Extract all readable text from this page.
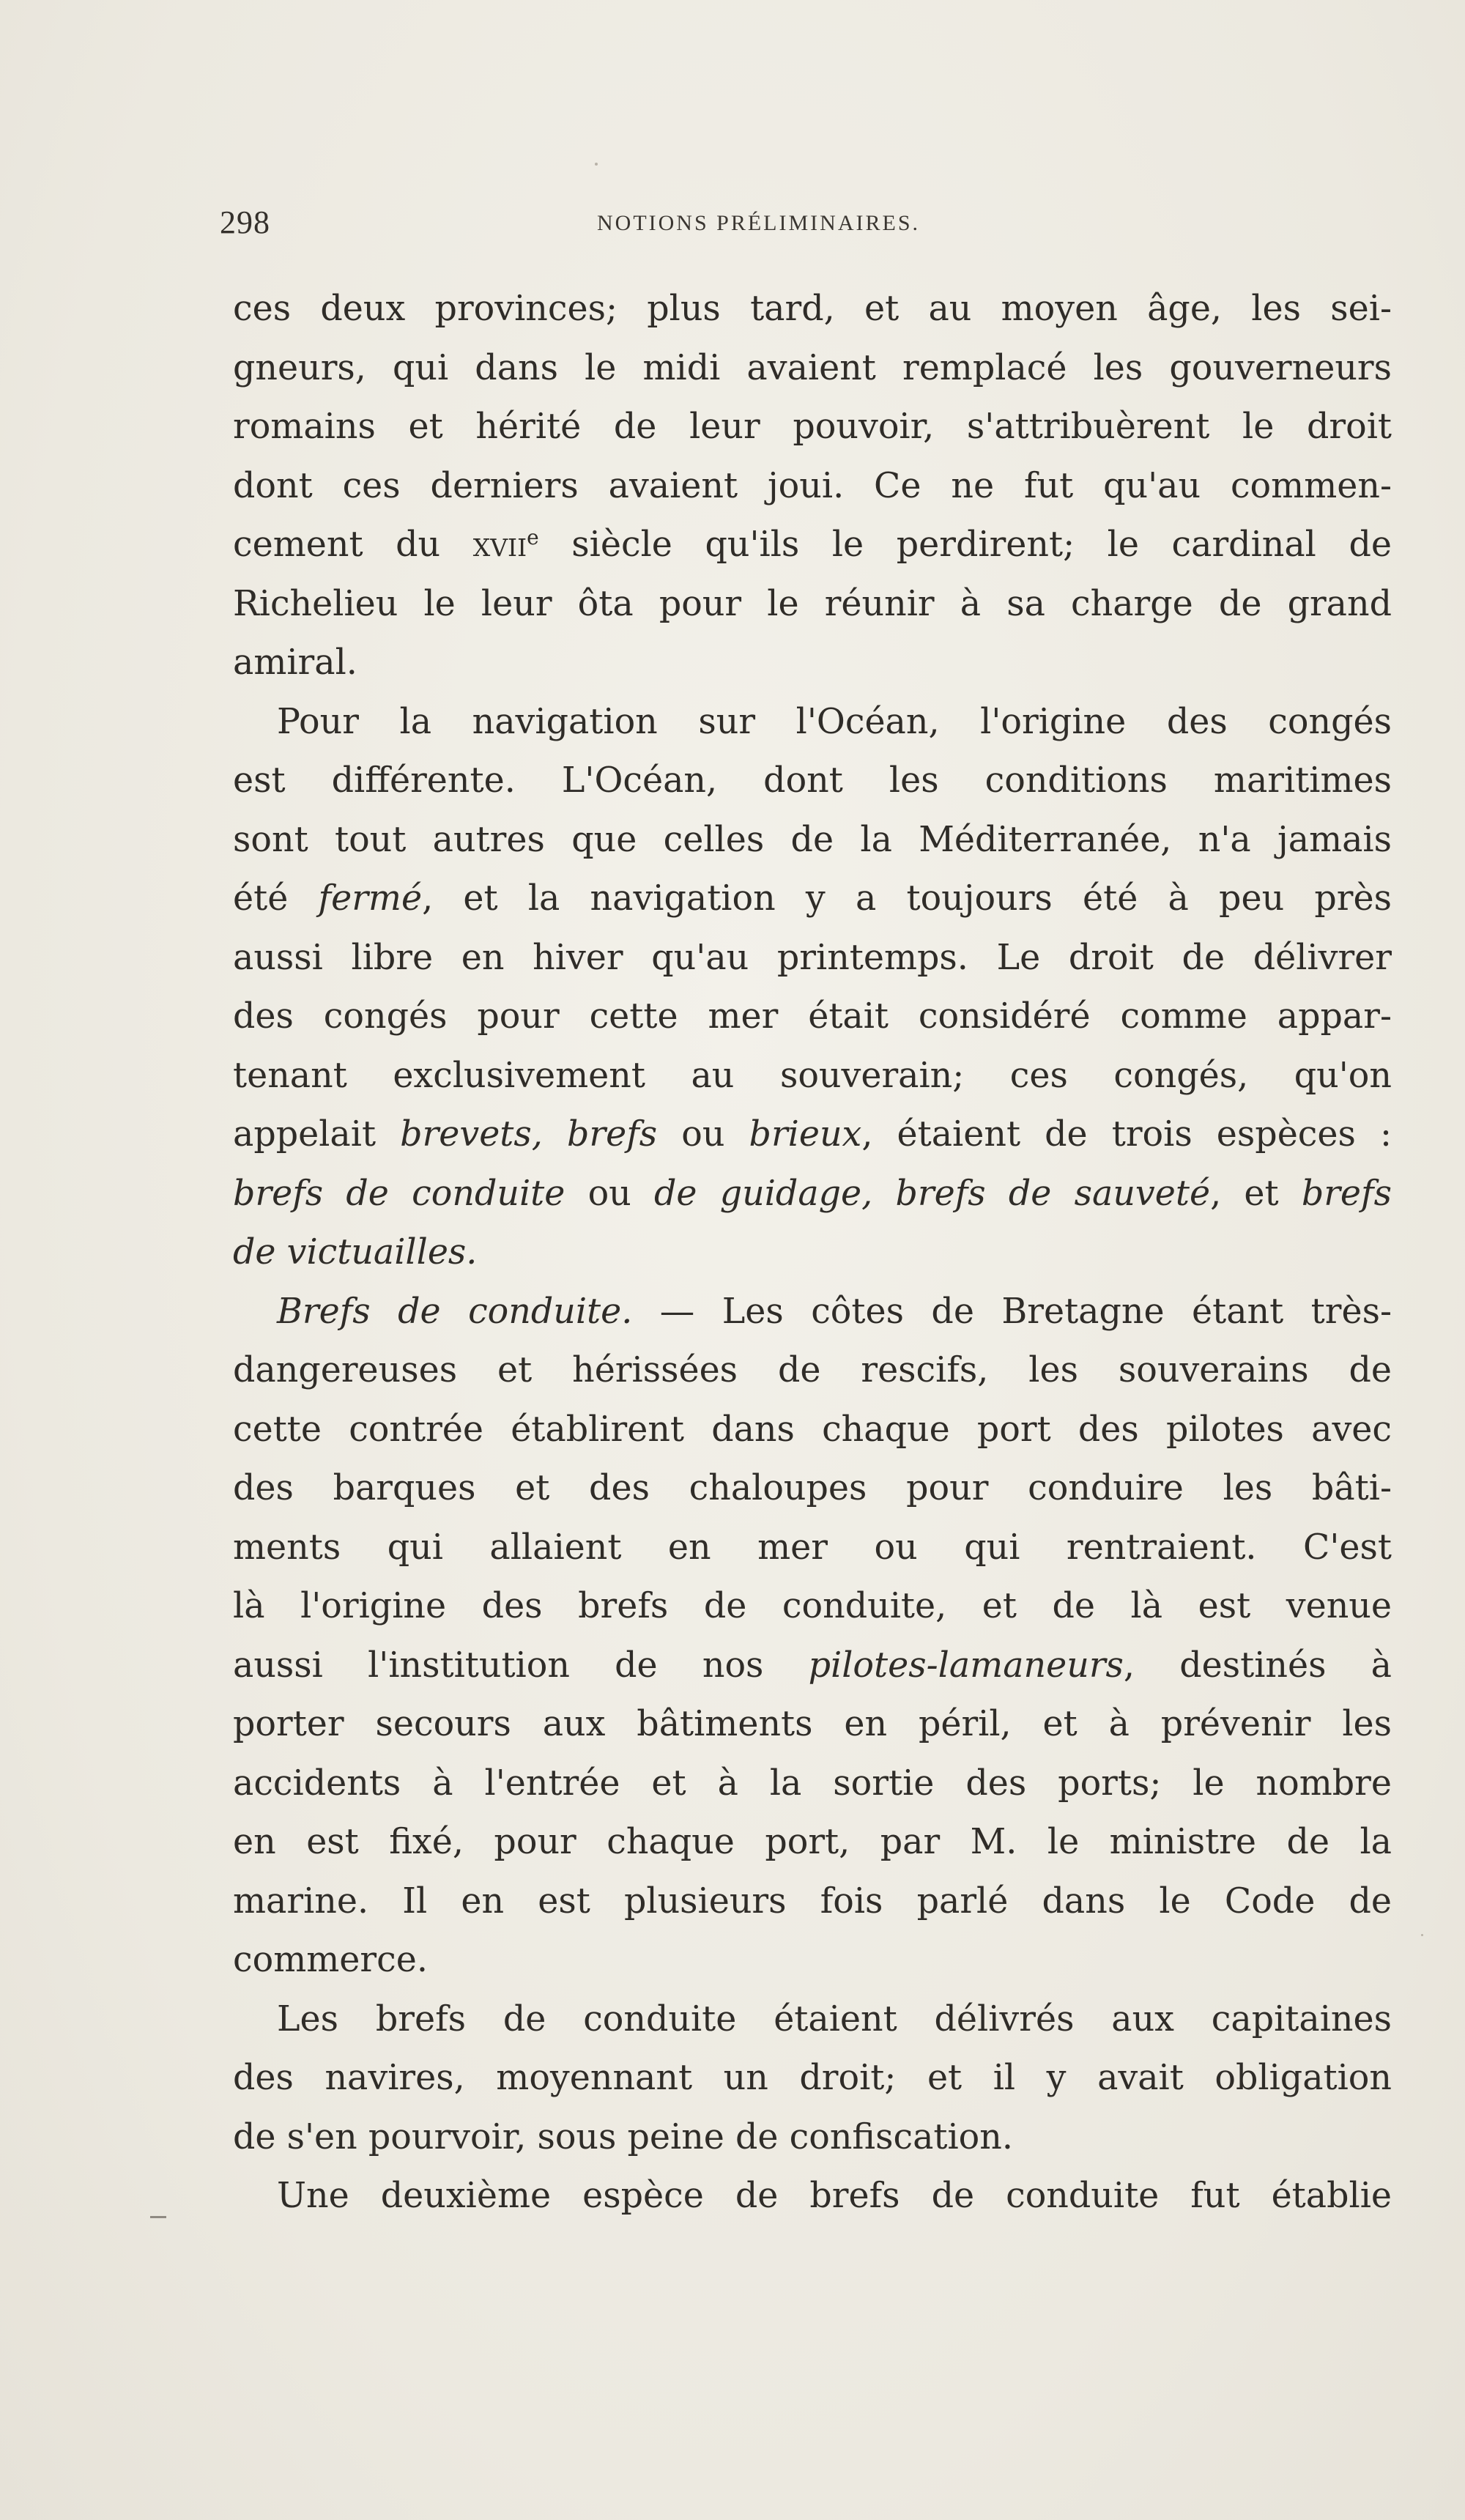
298	NOTIONS PRÉLIMINAIRES.
ces deux provinces; plus tard, et au moyen âge, les sei-
gneurs, qui dans le midi avaient remplacé les gouverneurs
romains et hérité de leur pouvoir, s'attribuèrent le droit
dont ces derniers avaient joui. Ce ne fut qu'au commen-
cement du xvii$^e$ siècle qu'ils le perdirent; le cardinal de
Richelieu le leur ôta pour le réunir à sa charge de grand
amiral.
Pour la navigation sur l'Océan, l'origine des congés
est différente. L'Océan, dont les conditions maritimes
sont tout autres que celles de la Méditerranée, n'a jamais
été fermé, et la navigation y a toujours été à peu près
aussi libre en hiver qu'au printemps. Le droit de délivrer
des congés pour cette mer était considéré comme appar-
tenant exclusivement au souverain; ces congés, qu'on
appelait brevets, brefs ou brieux, étaient de trois espèces :
brefs de conduite ou de guidage, brefs de sauveté, et brefs
de victuailles.
Brefs de conduite. — Les côtes de Bretagne étant très-
dangereuses et hérissées de rescifs, les souverains de
cette contrée établirent dans chaque port des pilotes avec
des barques et des chaloupes pour conduire les bâti-
ments qui allaient en mer ou qui rentraient. C'est
là l'origine des brefs de conduite, et de là est venue
aussi l'institution de nos pilotes-lamaneurs, destinés à
porter secours aux bâtiments en péril, et à prévenir les
accidents à l'entrée et à la sortie des ports; le nombre
en est fixé, pour chaque port, par M. le ministre de la
marine. Il en est plusieurs fois parlé dans le Code de
commerce.
Les brefs de conduite étaient délivrés aux capitaines
des navires, moyennant un droit; et il y avait obligation
de s'en pourvoir, sous peine de confiscation.
Une deuxième espèce de brefs de conduite fut établie
